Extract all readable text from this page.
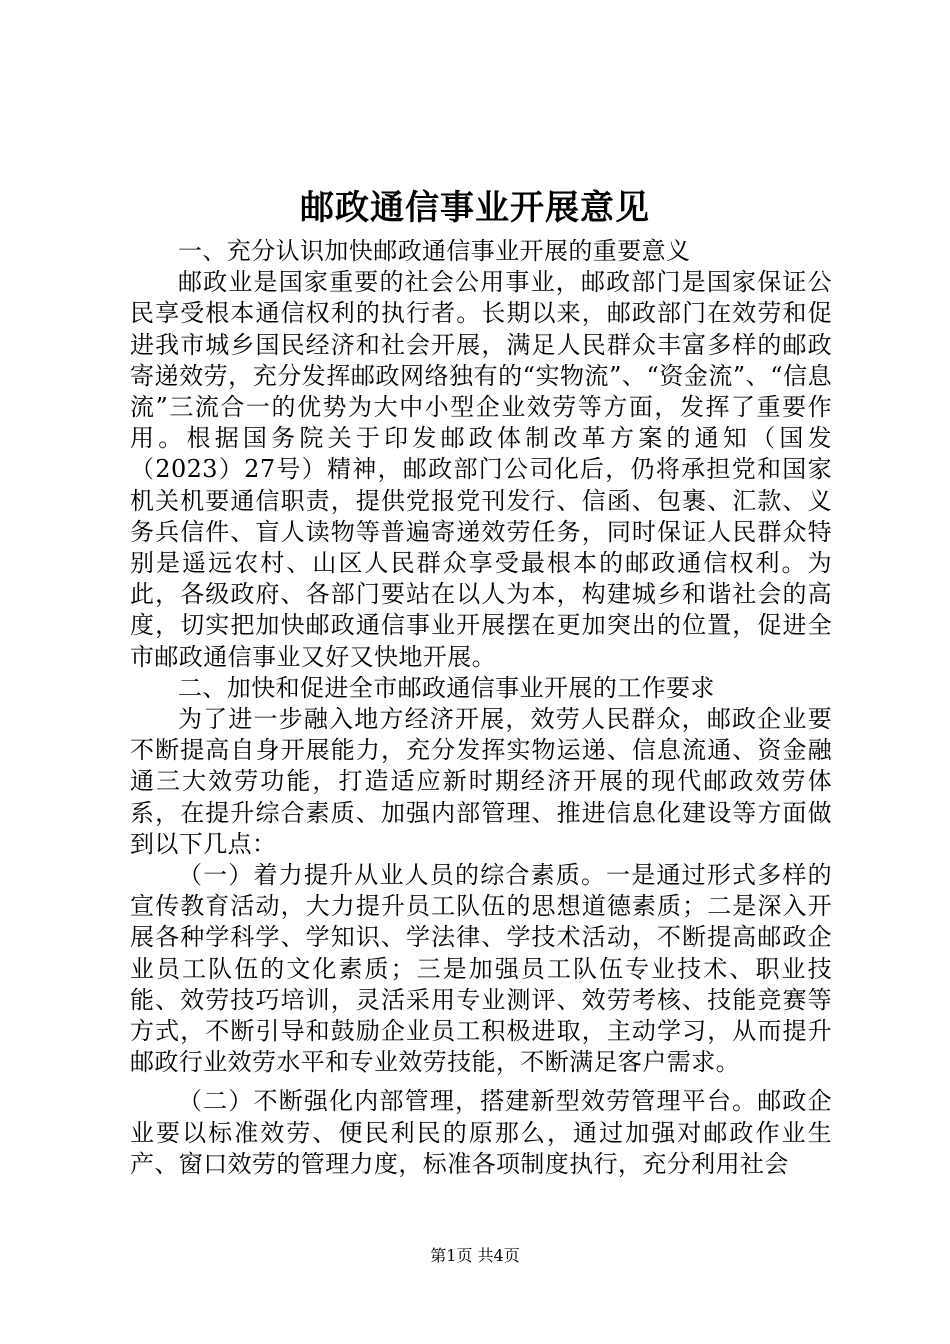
邮政通信事业开展意见

一、充分认识加快邮政通信事业开展的重要意义

邮政业是国家重要的社会公用事业，邮政部门是国家保证公民享受根本通信权利的执行者。长期以来，邮政部门在效劳和促进我市城乡国民经济和社会开展，满足人民群众丰富多样的邮政寄递效劳，充分发挥邮政网络独有的“实物流”、“资金流”、“信息流”三流合一的优势为大中小型企业效劳等方面，发挥了重要作用。根据国务院关于印发邮政体制改革方案的通知（国发（2023）27号）精神，邮政部门公司化后，仍将承担党和国家机关机要通信职责，提供党报党刊发行、信函、包裹、汇款、义务兵信件、盲人读物等普遍寄递效劳任务，同时保证人民群众特别是遥远农村、山区人民群众享受最根本的邮政通信权利。为此，各级政府、各部门要站在以人为本，构建城乡和谐社会的高度，切实把加快邮政通信事业开展摆在更加突出的位置，促进全市邮政通信事业又好又快地开展。

二、加快和促进全市邮政通信事业开展的工作要求

为了进一步融入地方经济开展，效劳人民群众，邮政企业要不断提高自身开展能力，充分发挥实物运递、信息流通、资金融通三大效劳功能，打造适应新时期经济开展的现代邮政效劳体系，在提升综合素质、加强内部管理、推进信息化建设等方面做到以下几点：

（一）着力提升从业人员的综合素质。一是通过形式多样的宣传教育活动，大力提升员工队伍的思想道德素质；二是深入开展各种学科学、学知识、学法律、学技术活动，不断提高邮政企业员工队伍的文化素质；三是加强员工队伍专业技术、职业技能、效劳技巧培训，灵活采用专业测评、效劳考核、技能竞赛等方式，不断引导和鼓励企业员工积极进取，主动学习，从而提升邮政行业效劳水平和专业效劳技能，不断满足客户需求。

（二）不断强化内部管理，搭建新型效劳管理平台。邮政企业要以标准效劳、便民利民的原那么，通过加强对邮政作业生产、窗口效劳的管理力度，标准各项制度执行，充分利用社会

第1页 共4页
